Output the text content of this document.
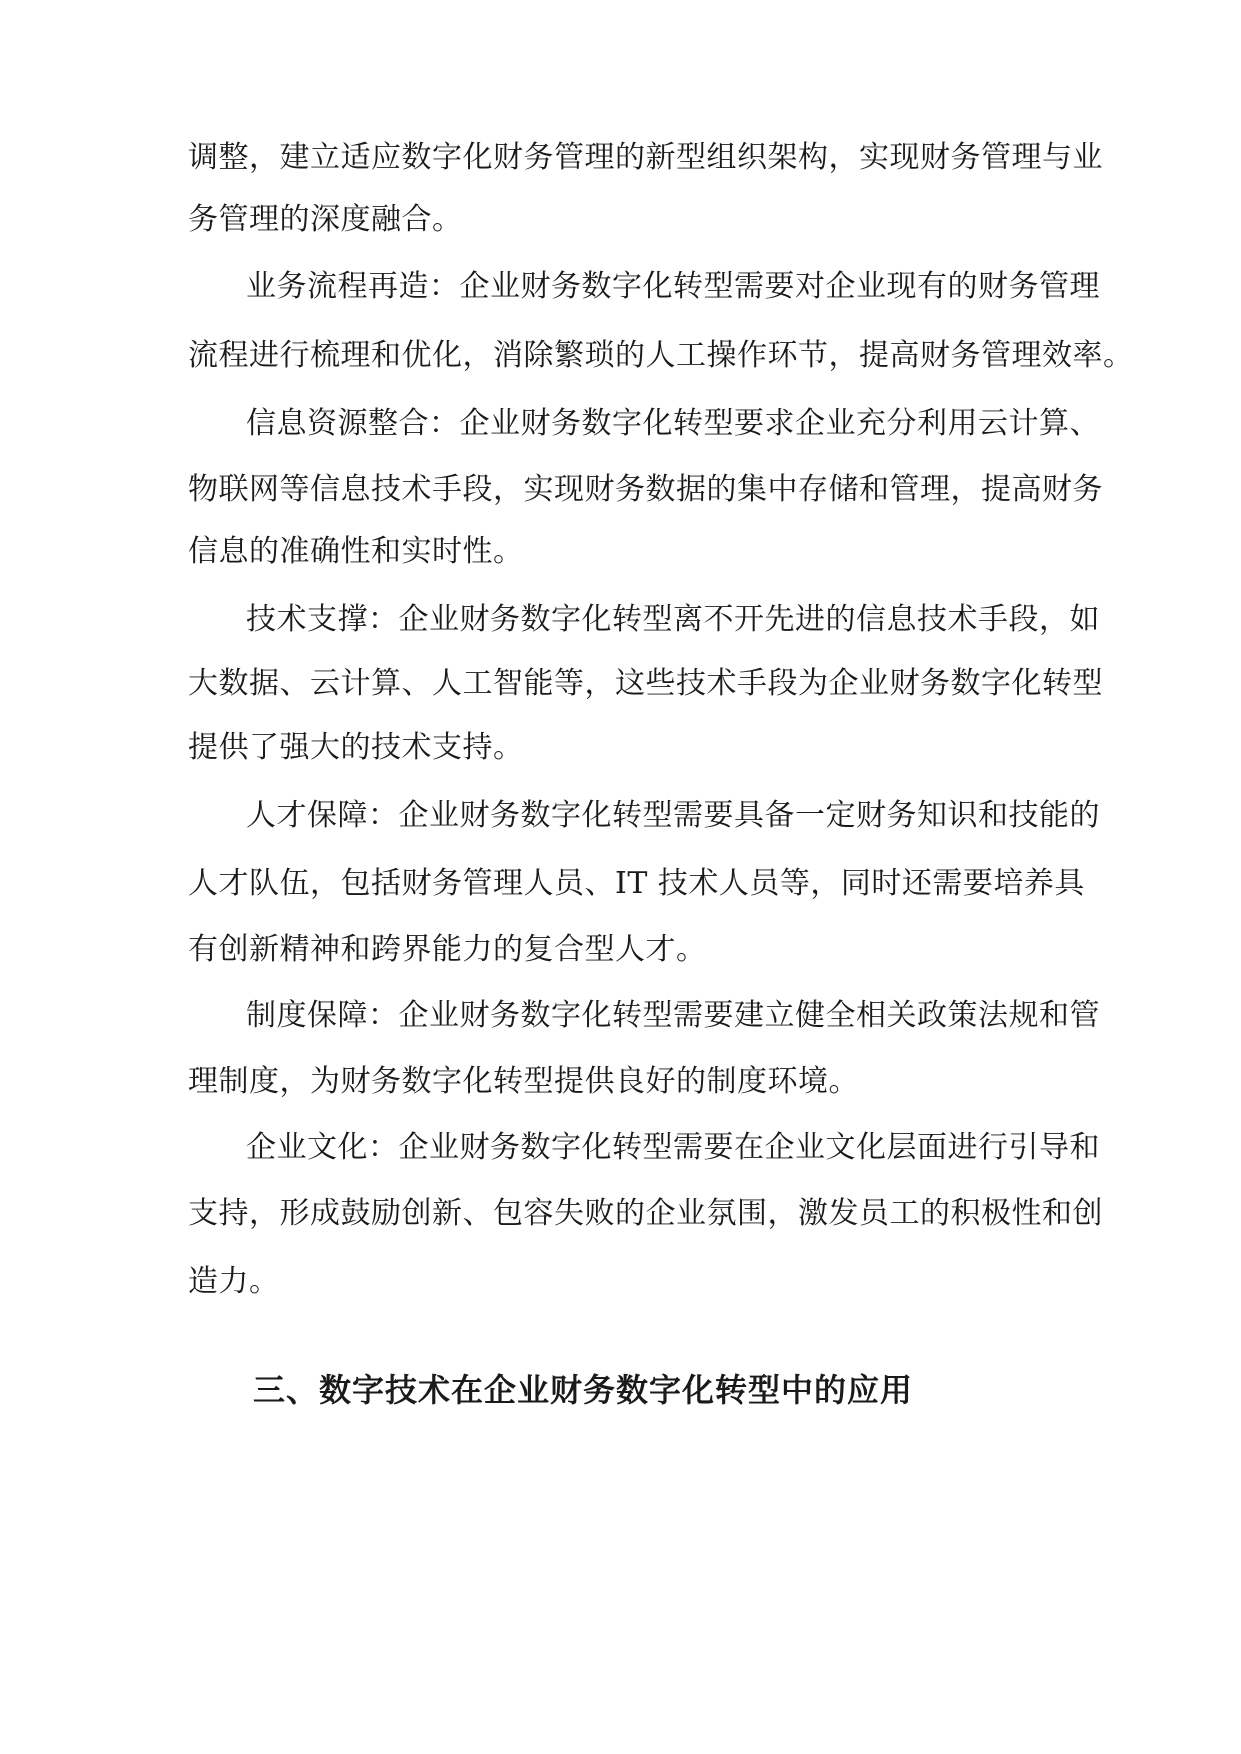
调整，建立适应数字化财务管理的新型组织架构，实现财务管理与业
务管理的深度融合。
业务流程再造：企业财务数字化转型需要对企业现有的财务管理
流程进行梳理和优化，消除繁琐的人工操作环节，提高财务管理效率。
信息资源整合：企业财务数字化转型要求企业充分利用云计算、
物联网等信息技术手段，实现财务数据的集中存储和管理，提高财务
信息的准确性和实时性。
技术支撑：企业财务数字化转型离不开先进的信息技术手段，如
大数据、云计算、人工智能等，这些技术手段为企业财务数字化转型
提供了强大的技术支持。
人才保障：企业财务数字化转型需要具备一定财务知识和技能的
人才队伍，包括财务管理人员、IT 技术人员等，同时还需要培养具
有创新精神和跨界能力的复合型人才。
制度保障：企业财务数字化转型需要建立健全相关政策法规和管
理制度，为财务数字化转型提供良好的制度环境。
企业文化：企业财务数字化转型需要在企业文化层面进行引导和
支持，形成鼓励创新、包容失败的企业氛围，激发员工的积极性和创
造力。
三、数字技术在企业财务数字化转型中的应用
